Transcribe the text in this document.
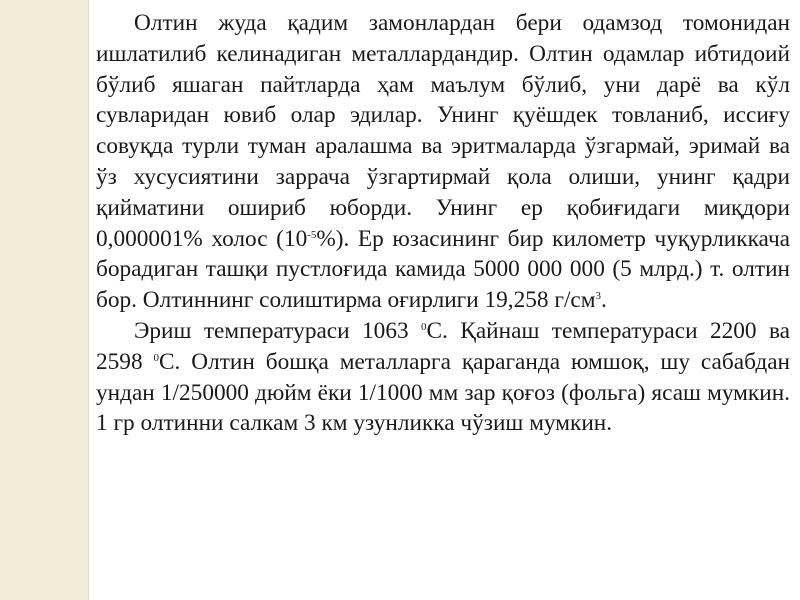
Олтин жуда қадим замонлардан бери одамзод томонидан ишлатилиб келинадиган металлардандир. Олтин одамлар ибтидоий бўлиб яшаган пайтларда ҳам маълум бўлиб, уни дарё ва кўл сувларидан ювиб олар эдилар. Унинг қуёшдек товланиб, иссиғу совуқда турли туман аралашма ва эритмаларда ўзгармай, эримай ва ўз хусусиятини заррача ўзгартирмай қола олиши, унинг қадри қийматини ошириб юборди. Унинг ер қобиғидаги миқдори 0,000001% холос $(10^{-5}\%)$. Ер юзасининг бир километр чуқурликкача борадиган ташқи пустлоғида камида 5000 000 000 (5 млрд.) т. олтин бор. Олтиннинг солиштирма оғирлиги 19,258 $г/см^3$.

Эриш температураси 1063 $^0$С. Қайнаш температураси 2200 ва 2598 $^0$С. Олтин бошқа металларга қараганда юмшоқ, шу сабабдан ундан 1/250000 дюйм ёки 1/1000 мм зар қоғоз (фольга) ясаш мумкин. 1 гр олтинни салкам 3 км узунликка чўзиш мумкин.
